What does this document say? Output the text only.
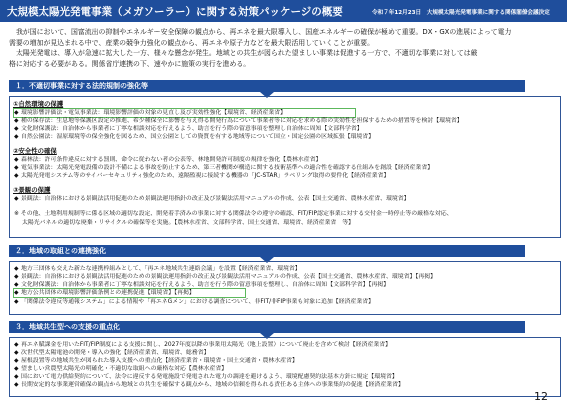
大規模太陽光発電事業（メガソーラー）に関する対策パッケージの概要	令和７年12月23日　大規模太陽光発電事業に関する関係閣僚会議決定

我が国において、国富流出の抑制やエネルギー安全保障の観点から、再エネを最大限導入し、国産エネルギーの確保が極めて重要。DX・GXの進展によって電力

需要の増加が見込まれる中で、産業の競争力強化の観点から、再エネや原子力などを最大限活用していくことが重要。

太陽光発電は、導入が急速に拡大した一方、様々な懸念が発生。地域との共生が図られた望ましい事業は促進する一方で、不適切な事業に対しては厳

格に対応する必要がある。関係省庁連携の下、速やかに施策の実行を進める。
１．不適切事業に対する法的規制の強化等
①自然環境の保護
◆ 環境影響評価法・電気事業法：環境影響評価の対象の見直し及び実効性強化【環境省、経済産業省】
◆ 種の保存法：生息地等保護区設定の推進、希少種保全に影響を与え得る開発行為について事業者等に対応を求める際の実効性を担保するための措置等を検討【環境省】
◆ 文化財保護法：自治体から事業者に丁寧な相談対応を行えるよう、助言を行う際の留意事項を整理し自治体に周知【文部科学省】
◆ 自然公園法：湿原環境等の保全強化を図るため、国立公園としての資質を有する地域等について国立・国定公園の区域拡張【環境省】
②安全性の確保
◆ 森林法：許可条件違反に対する罰則、命令に従わない者の公表等、林地開発許可制度の規律を強化【農林水産省】
◆ 電気事業法：太陽光発電設備の設計不備による事故を防止するため、第三者機関が構造に関する技術基準への適合性を確認する仕組みを創設【経済産業省】
◆ 太陽光発電システム等のサイバーセキュリティ強化のため、遠隔監視に接続する機器の「JC-STAR」ラベリング取得の要件化【経済産業省】
③景観の保護
◆ 景観法：自治体における景観法活用促進のため景観法運用指針の改正及び景観法活用マニュアルの作成、公表【国土交通省、農林水産省、環境省】
※ その他、土地利用規制等に係る区域の適切な設定、開発着手済みの事業に対する関係法令の遵守の確認、FIT/FIP認定事業に対する交付金一時停止等の厳格な対応、
太陽光パネルの適切な廃棄・リサイクルの確保等を実施。【農林水産省、文部科学省、国土交通省、環境省、経済産業省　等】
２．地域の取組との連携強化
◆ 地方三団体も交えた新たな連携枠組みとして、「再エネ地域共生連絡会議」を設置【経済産業省、環境省】
◆ 景観法：自治体における景観法活用促進のための景観法運用指針の改正及び景観法活用マニュアルの作成、公表【国土交通省、農林水産省、環境省】【再掲】
◆ 文化財保護法：自治体から事業者に丁寧な相談対応を行えるよう、助言を行う際の留意事項を整理し、自治体に周知【文部科学省】【再掲】
◆ 地方公共団体の環境影響評価条例との連携促進【環境省】【再掲】
◆ 「関係法令違反等通報システム」による情報や「再エネGメン」における調査について、非FIT/非FIP事業も対象に追加【経済産業省】
３．地域共生型への支援の重点化
◆ 再エネ賦課金を用いたFIT/FIP制度による支援に関し、2027年度以降の事業用太陽光（地上設置）について廃止を含めて検討【経済産業省】
◆ 次世代型太陽電池の開発・導入の強化【経済産業省、環境省、総務省】
◆ 屋根設置等の地域共生が図られた導入支援への重点化【経済産業省・環境省・国土交通省・農林水産省】
◆ 望ましい営農型太陽光の明確化・不適切な取組への厳格な対応【農林水産省】
◆ 国において電力供給契約について、法令に違反する発電施設で発電された電力の調達を避けるよう、環境配慮契約法基本方針に規定【環境省】
◆ 長期安定的な事業運営確保の観点から地域との共生を確保する観点から、地域の信頼を得られる責任ある主体への事業集約の促進【経済産業省】
12
